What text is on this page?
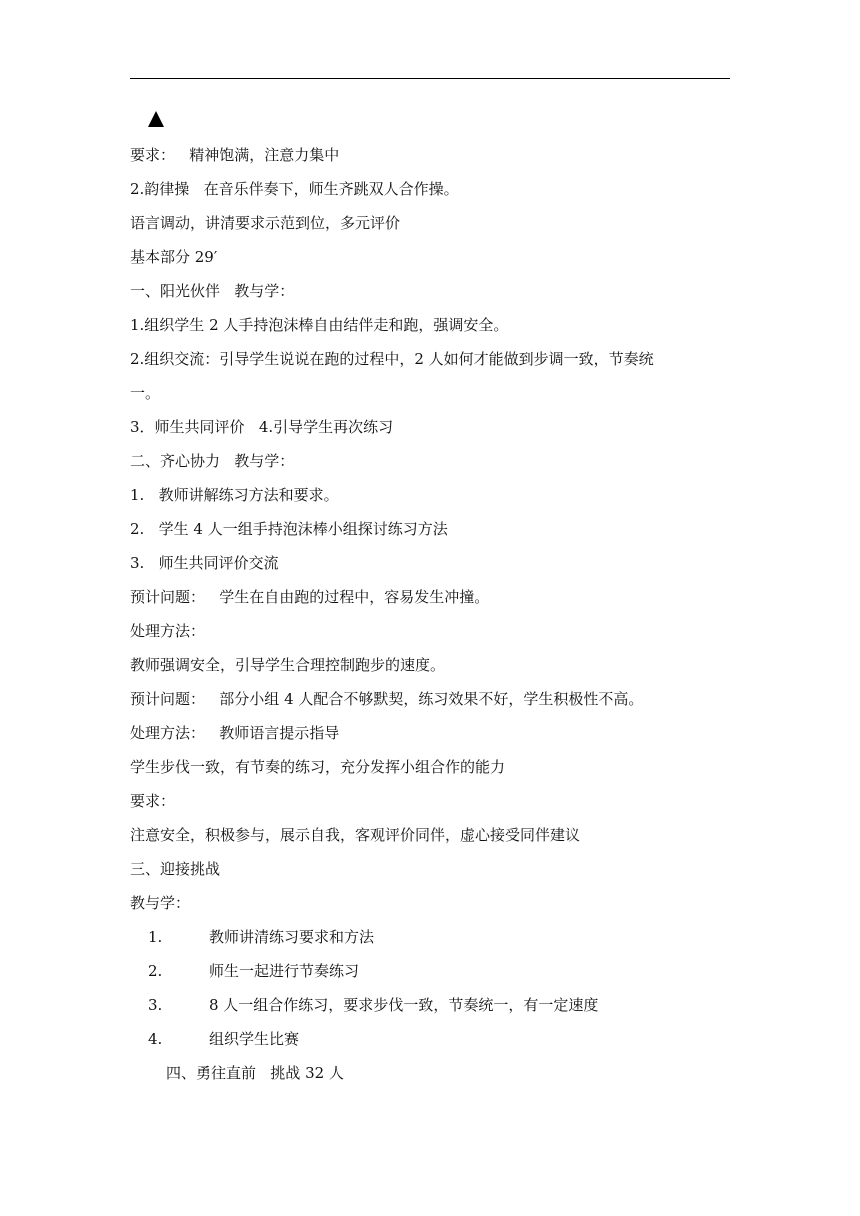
要求：   精神饱满，注意力集中
2.韵律操   在音乐伴奏下，师生齐跳双人合作操。
语言调动，讲清要求示范到位，多元评价
基本部分 29′
一、阳光伙伴   教与学：
1.组织学生 2 人手持泡沫棒自由结伴走和跑，强调安全。
2.组织交流：引导学生说说在跑的过程中，2 人如何才能做到步调一致，节奏统
一。
3．师生共同评价   4.引导学生再次练习
二、齐心协力   教与学：
1.   教师讲解练习方法和要求。
2.   学生 4 人一组手持泡沫棒小组探讨练习方法
3.   师生共同评价交流
预计问题：   学生在自由跑的过程中，容易发生冲撞。
处理方法：
教师强调安全，引导学生合理控制跑步的速度。
预计问题：   部分小组 4 人配合不够默契，练习效果不好，学生积极性不高。
处理方法：   教师语言提示指导
学生步伐一致，有节奏的练习，充分发挥小组合作的能力
要求：
注意安全，积极参与，展示自我，客观评价同伴，虚心接受同伴建议
三、迎接挑战
教与学：
1.	教师讲清练习要求和方法
2.	师生一起进行节奏练习
3.	8 人一组合作练习，要求步伐一致，节奏统一，有一定速度
4.	组织学生比赛
四、勇往直前   挑战 32 人
